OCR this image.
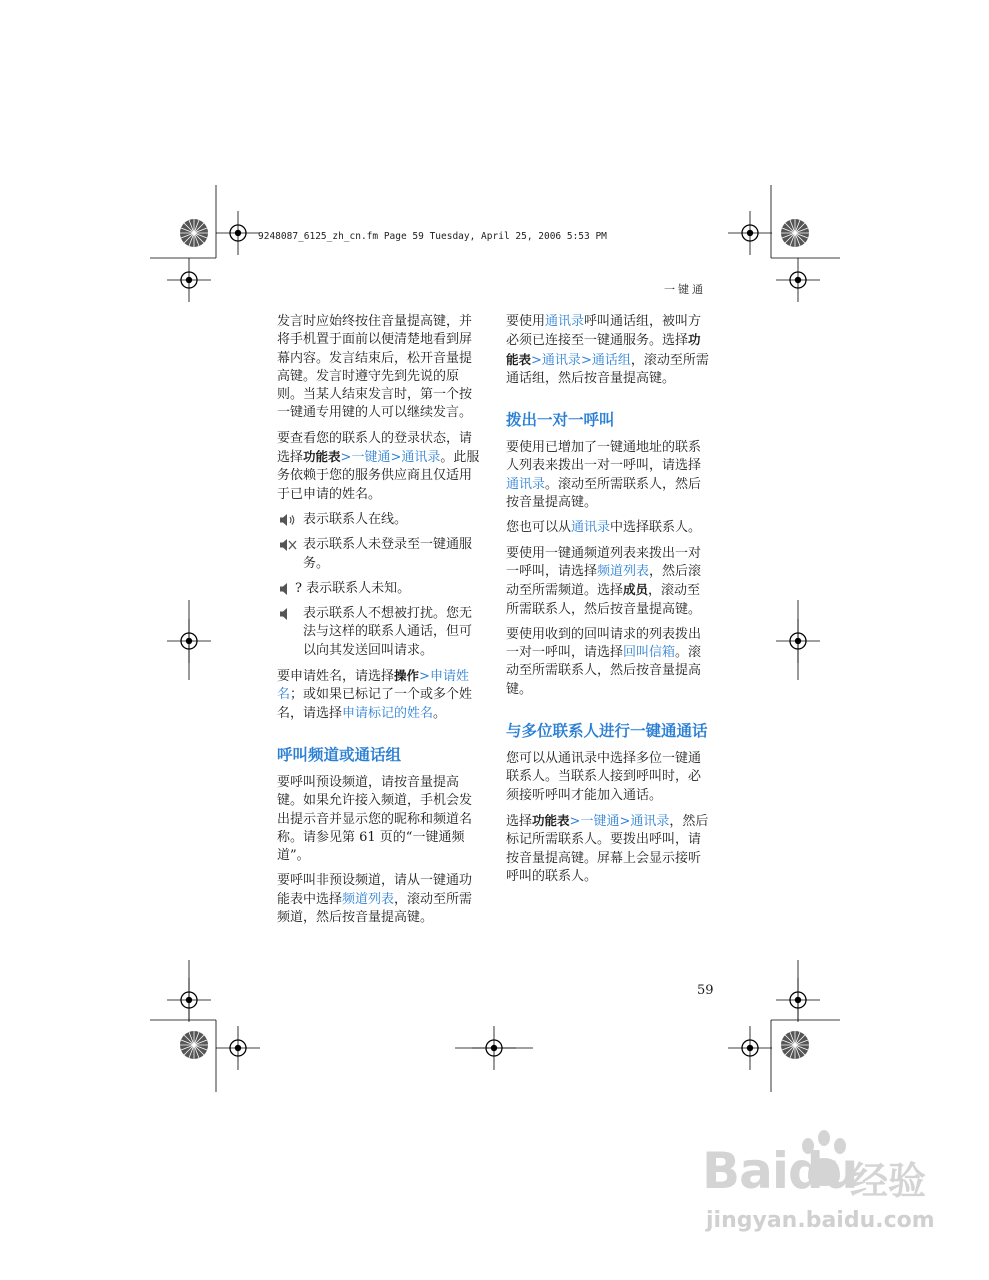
9248087_6125_zh_cn.fm Page 59 Tuesday, April 25, 2006 5:53 PM
一键通

发言时应始终按住音量提高键，并将手机置于面前以便清楚地看到屏幕内容。发言结束后，松开音量提高键。发言时遵守先到先说的原则。当某人结束发言时，第一个按一键通专用键的人可以继续发言。

要查看您的联系人的登录状态，请选择功能表>一键通>通讯录。此服务依赖于您的服务供应商且仅适用于已申请的姓名。

表示联系人在线。

表示联系人未登录至一键通服务。

? 表示联系人未知。

表示联系人不想被打扰。您无法与这样的联系人通话，但可以向其发送回叫请求。

要申请姓名，请选择操作>申请姓名；或如果已标记了一个或多个姓名，请选择申请标记的姓名。

呼叫频道或通话组

要呼叫预设频道，请按音量提高键。如果允许接入频道，手机会发出提示音并显示您的昵称和频道名称。请参见第 61 页的“一键通频道”。

要呼叫非预设频道，请从一键通功能表中选择频道列表，滚动至所需频道，然后按音量提高键。

要使用通讯录呼叫通话组，被叫方必须已连接至一键通服务。选择功能表>通讯录>通话组，滚动至所需通话组，然后按音量提高键。

拨出一对一呼叫

要使用已增加了一键通地址的联系人列表来拨出一对一呼叫，请选择通讯录。滚动至所需联系人，然后按音量提高键。

您也可以从通讯录中选择联系人。

要使用一键通频道列表来拨出一对一呼叫，请选择频道列表，然后滚动至所需频道。选择成员，滚动至所需联系人，然后按音量提高键。

要使用收到的回叫请求的列表拨出一对一呼叫，请选择回叫信箱。滚动至所需联系人，然后按音量提高键。

与多位联系人进行一键通通话

您可以从通讯录中选择多位一键通联系人。当联系人接到呼叫时，必须接听呼叫才能加入通话。

选择功能表>一键通>通讯录，然后标记所需联系人。要拨出呼叫，请按音量提高键。屏幕上会显示接听呼叫的联系人。

59
Baidu
经验
jingyan.baidu.com
